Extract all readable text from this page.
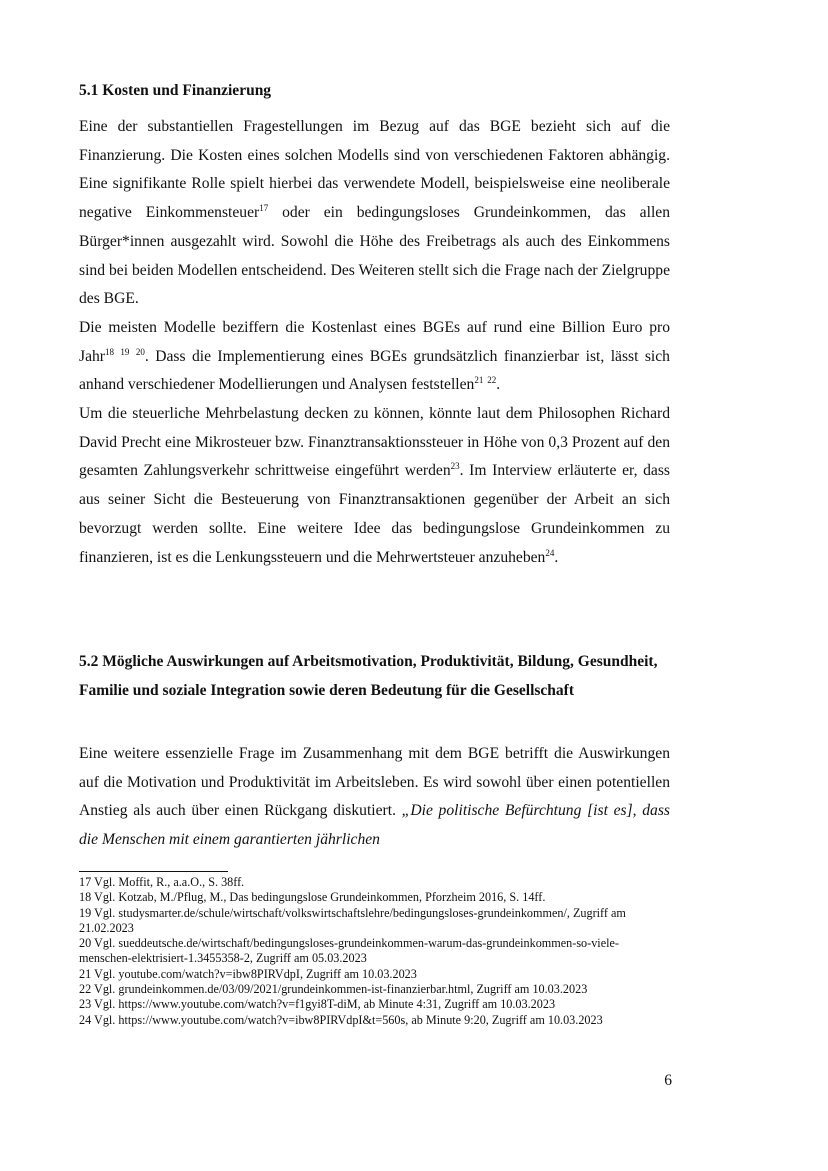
5.1 Kosten und Finanzierung

Eine der substantiellen Fragestellungen im Bezug auf das BGE bezieht sich auf die Finanzierung. Die Kosten eines solchen Modells sind von verschiedenen Faktoren abhängig. Eine signifikante Rolle spielt hierbei das verwendete Modell, beispielsweise eine neoliberale negative Einkommensteuer$^{17}$ oder ein bedingungsloses Grundeinkommen, das allen Bürger*innen ausgezahlt wird. Sowohl die Höhe des Freibetrags als auch des Einkommens sind bei beiden Modellen entscheidend. Des Weiteren stellt sich die Frage nach der Zielgruppe des BGE.

Die meisten Modelle beziffern die Kostenlast eines BGEs auf rund eine Billion Euro pro Jahr$^{18}$ $^{19}$ $^{20}$. Dass die Implementierung eines BGEs grundsätzlich finanzierbar ist, lässt sich anhand verschiedener Modellierungen und Analysen feststellen$^{21}$ $^{22}$.

Um die steuerliche Mehrbelastung decken zu können, könnte laut dem Philosophen Richard David Precht eine Mikrosteuer bzw. Finanztransaktionssteuer in Höhe von 0,3 Prozent auf den gesamten Zahlungsverkehr schrittweise eingeführt werden$^{23}$. Im Interview erläuterte er, dass aus seiner Sicht die Besteuerung von Finanztransaktionen gegenüber der Arbeit an sich bevorzugt werden sollte. Eine weitere Idee das bedingungslose Grundeinkommen zu finanzieren, ist es die Lenkungssteuern und die Mehrwertsteuer anzuheben$^{24}$.

5.2 Mögliche Auswirkungen auf Arbeitsmotivation, Produktivität, Bildung, Gesundheit, Familie und soziale Integration sowie deren Bedeutung für die Gesellschaft

Eine weitere essenzielle Frage im Zusammenhang mit dem BGE betrifft die Auswirkungen auf die Motivation und Produktivität im Arbeitsleben. Es wird sowohl über einen potentiellen Anstieg als auch über einen Rückgang diskutiert. „Die politische Befürchtung [ist es], dass die Menschen mit einem garantierten jährlichen

17 Vgl. Moffit, R., a.a.O., S. 38ff.
18 Vgl. Kotzab, M./Pflug, M., Das bedingungslose Grundeinkommen, Pforzheim 2016, S. 14ff.
19 Vgl. studysmarter.de/schule/wirtschaft/volkswirtschaftslehre/bedingungsloses-grundeinkommen/, Zugriff am 21.02.2023
20 Vgl. sueddeutsche.de/wirtschaft/bedingungsloses-grundeinkommen-warum-das-grundeinkommen-so-viele-menschen-elektrisiert-1.3455358-2, Zugriff am 05.03.2023
21 Vgl. youtube.com/watch?v=ibw8PIRVdpI, Zugriff am 10.03.2023
22 Vgl. grundeinkommen.de/03/09/2021/grundeinkommen-ist-finanzierbar.html, Zugriff am 10.03.2023
23 Vgl. https://www.youtube.com/watch?v=f1gyi8T-diM, ab Minute 4:31, Zugriff am 10.03.2023
24 Vgl. https://www.youtube.com/watch?v=ibw8PIRVdpI&t=560s, ab Minute 9:20, Zugriff am 10.03.2023
6
